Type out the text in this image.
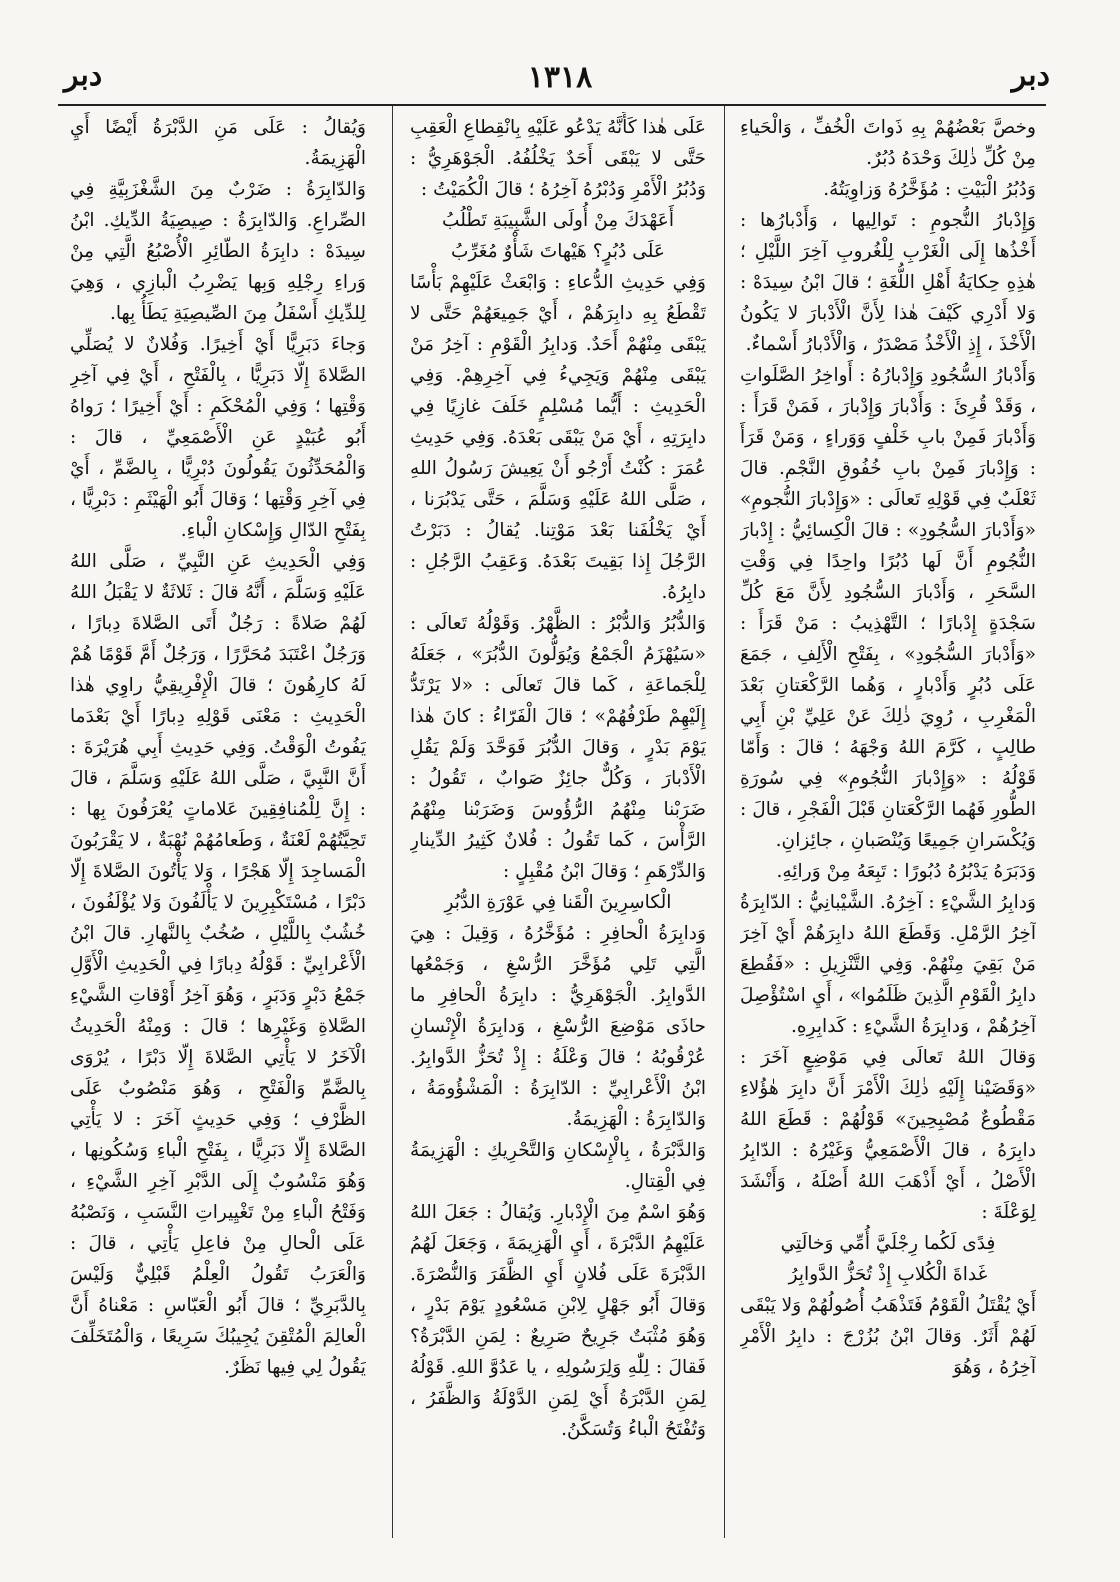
دبر	١٣١٨	دبر

وخصَّ بَعْضُهُمْ بِهِ ذَواتَ الْخُفِّ ، وَالْحَياءِ مِنْ كُلِّ ذٰلِكَ وَحْدَهُ دُبُرٌ.

وَدُبُرُ الْبَيْتِ : مُؤَخَّرُهُ وَزاوِيَتُهُ.

وَإِدْبارُ النُّجومِ : تَوالِيها ، وَأَدْبارُها : أَخْذُها إِلَى الْغَرْبِ لِلْغُروبِ آخِرَ اللَّيْلِ ؛ هٰذِهِ حِكايَةُ أَهْلِ اللُّغَةِ ؛ قالَ ابْنُ سِيدَهْ : وَلا أَدْرِي كَيْفَ هٰذا لِأَنَّ الْأَدْبارَ لا يَكُونُ الْأَخْذَ ، إِذِ الْأَخْذُ مَصْدَرٌ ، وَالْأَدْبارُ أَسْماءٌ.

وَأَدْبارُ السُّجُودِ وَإِدْبارُهُ : أَواخِرُ الصَّلَواتِ ، وَقَدْ قُرِئَ : وَأَدْبارَ وَإِدْبارَ ، فَمَنْ قَرَأَ : وَأَدْبارَ فَمِنْ بابِ خَلْفٍ وَوَراءٍ ، وَمَنْ قَرَأَ : وَإِدْبارَ فَمِنْ بابِ خُفُوقِ النَّجْمِ. قالَ ثَعْلَبٌ فِي قَوْلِهِ تَعالَى : «وَإِدْبارَ النُّجومِ» «وَأَدْبارَ السُّجُودِ» : قالَ الْكِسائِيُّ : إِدْبارَ النُّجُومِ أَنَّ لَها دُبُرًا واحِدًا فِي وَقْتِ السَّحَرِ ، وَأَدْبارَ السُّجُودِ لِأَنَّ مَعَ كُلِّ سَجْدَةٍ إِدْبارًا ؛ التَّهْذِيبُ : مَنْ قَرَأَ : «وَأَدْبارَ السُّجُودِ» ، بِفَتْحِ الْأَلِفِ ، جَمَعَ عَلَى دُبُرٍ وَأَدْبارٍ ، وَهُما الرَّكْعَتانِ بَعْدَ الْمَغْرِبِ ، رُوِيَ ذٰلِكَ عَنْ عَلِيِّ بْنِ أَبِي طالِبٍ ، كَرَّمَ اللهُ وَجْهَهُ ؛ قالَ : وَأَمّا قَوْلُهُ : «وَإِدْبارَ النُّجُومِ» فِي سُورَةِ الطُّورِ فَهُما الرَّكْعَتانِ قَبْلَ الْفَجْرِ ، قالَ : وَيُكْسَرانِ جَمِيعًا وَيُنْصَبانِ ، جائِزانِ.

وَدَبَرَهُ يَدْبُرُهُ دُبُورًا : تَبِعَهُ مِنْ وَرائِهِ.

وَدابِرُ الشَّيْءِ : آخِرُهُ. الشَّيْبانِيُّ : الدّابِرَةُ آخِرُ الرَّمْلِ. وَقَطَعَ اللهُ دابِرَهُمْ أَيْ آخِرَ مَنْ بَقِيَ مِنْهُمْ. وَفِي التَّنْزِيلِ : «فَقُطِعَ دابِرُ الْقَوْمِ الَّذِينَ ظَلَمُوا» ، أَيِ اسْتُؤْصِلَ آخِرُهُمْ ، وَدابِرَةُ الشَّيْءِ : كَدابِرِهِ.

وَقالَ اللهُ تَعالَى فِي مَوْضِعٍ آخَرَ : «وَقَضَيْنا إِلَيْهِ ذٰلِكَ الْأَمْرَ أَنَّ دابِرَ هٰؤُلاءِ مَقْطُوعٌ مُصْبِحِينَ» قَوْلُهُمْ : قَطَعَ اللهُ دابِرَهُ ، قالَ الْأَصْمَعِيُّ وَغَيْرُهُ : الدّابِرُ الْأَصْلُ ، أَيْ أَذْهَبَ اللهُ أَصْلَهُ ، وَأَنْشَدَ لِوَعْلَةَ :

فِدًى لَكُما رِجْلَيَّ أُمِّي وَخالَتِي

غَداةَ الْكُلابِ إِذْ تُحَزُّ الدَّوابِرُ

أَيْ يُقْتَلُ الْقَوْمُ فَتَذْهَبُ أُصُولُهُمْ وَلا يَبْقَى لَهُمْ أَثَرٌ. وَقالَ ابْنُ بُزُرْجَ : دابِرُ الْأَمْرِ آخِرُهُ ، وَهُوَ

عَلَى هٰذا كَأَنَّهُ يَدْعُو عَلَيْهِ بِانْقِطاعِ الْعَقِبِ حَتَّى لا يَبْقَى أَحَدٌ يَخْلُفُهُ. الْجَوْهَرِيُّ : وَدُبُرُ الْأَمْرِ وَدُبْرُهُ آخِرُهُ ؛ قالَ الْكُمَيْتُ :

أَعَهْدَكَ مِنْ أُولَى الشَّبِيبَةِ تَطْلُبُ

عَلَى دُبُرٍ؟ هَيْهاتَ شَأْوٌ مُغَرِّبُ

وَفِي حَدِيثِ الدُّعاءِ : وَابْعَثْ عَلَيْهِمْ بَأْسًا تَقْطَعُ بِهِ دابِرَهُمْ ، أَيْ جَمِيعَهُمْ حَتَّى لا يَبْقَى مِنْهُمْ أَحَدٌ. وَدابِرُ الْقَوْمِ : آخِرُ مَنْ يَبْقَى مِنْهُمْ وَيَجِيءُ فِي آخِرِهِمْ. وَفِي الْحَدِيثِ : أَيُّما مُسْلِمٍ خَلَفَ غازِيًا فِي دابِرَتِهِ ، أَيْ مَنْ يَبْقَى بَعْدَهُ. وَفِي حَدِيثِ عُمَرَ : كُنْتُ أَرْجُو أَنْ يَعِيشَ رَسُولُ اللهِ ، صَلَّى اللهُ عَلَيْهِ وَسَلَّمَ ، حَتَّى يَدْبُرَنا ، أَيْ يَخْلُفَنا بَعْدَ مَوْتِنا. يُقالُ : دَبَرْتُ الرَّجُلَ إِذا بَقِيتَ بَعْدَهُ. وَعَقِبُ الرَّجُلِ : دابِرُهُ.

وَالدُّبُرُ وَالدُّبْرُ : الظَّهْرُ. وَقَوْلُهُ تَعالَى : «سَيُهْزَمُ الْجَمْعُ وَيُوَلُّونَ الدُّبُرَ» ، جَعَلَهُ لِلْجَماعَةِ ، كَما قالَ تَعالَى : «لا يَرْتَدُّ إِلَيْهِمْ طَرْفُهُمْ» ؛ قالَ الْفَرّاءُ : كانَ هٰذا يَوْمَ بَدْرٍ ، وَقالَ الدُّبُرَ فَوَحَّدَ وَلَمْ يَقُلِ الْأَدْبارَ ، وَكُلٌّ جائِزٌ صَوابٌ ، تَقُولُ : ضَرَبْنا مِنْهُمُ الرُّؤُوسَ وَضَرَبْنا مِنْهُمُ الرَّأْسَ ، كَما تَقُولُ : فُلانٌ كَثِيرُ الدِّينارِ وَالدِّرْهَمِ ؛ وَقالَ ابْنُ مُقْبِلٍ :

الْكاسِرِينَ الْقَنا فِي عَوْرَةِ الدُّبُرِ

وَدابِرَةُ الْحافِرِ : مُؤَخَّرُهُ ، وَقِيلَ : هِيَ الَّتِي تَلِي مُؤَخَّرَ الرُّسْغِ ، وَجَمْعُها الدَّوابِرُ. الْجَوْهَرِيُّ : دابِرَةُ الْحافِرِ ما حاذَى مَوْضِعَ الرُّسْغِ ، وَدابِرَةُ الْإِنْسانِ عُرْقُوبُهُ ؛ قالَ وَعْلَةُ : إِذْ تُحَزُّ الدَّوابِرُ. ابْنُ الْأَعْرابِيِّ : الدّابِرَةُ : الْمَشْؤُومَةُ ، وَالدّابِرَةُ : الْهَزِيمَةُ.

وَالدَّبْرَةُ ، بِالْإِسْكانِ وَالتَّحْرِيكِ : الْهَزِيمَةُ فِي الْقِتالِ.

وَهُوَ اسْمٌ مِنَ الْإِدْبارِ. وَيُقالُ : جَعَلَ اللهُ عَلَيْهِمُ الدَّبْرَةَ ، أَيِ الْهَزِيمَةَ ، وَجَعَلَ لَهُمُ الدَّبْرَةَ عَلَى فُلانٍ أَيِ الظَّفَرَ وَالنُّصْرَةَ. وَقالَ أَبُو جَهْلٍ لِابْنِ مَسْعُودٍ يَوْمَ بَدْرٍ ، وَهُوَ مُثْبَتٌ جَرِيحٌ صَرِيعٌ : لِمَنِ الدَّبْرَةُ؟ فَقالَ : لِلّٰهِ وَلِرَسُولِهِ ، يا عَدُوَّ اللهِ. قَوْلُهُ لِمَنِ الدَّبْرَةُ أَيْ لِمَنِ الدَّوْلَةُ وَالظَّفَرُ ، وَتُفْتَحُ الْباءُ وَتُسَكَّنُ.

وَيُقالُ : عَلَى مَنِ الدَّبْرَةُ أَيْضًا أَيِ الْهَزِيمَةُ.

وَالدّابِرَةُ : ضَرْبٌ مِنَ الشَّغْزَبِيَّةِ فِي الصِّراعِ. وَالدّابِرَةُ : صِيصِيَةُ الدِّيكِ. ابْنُ سِيدَهْ : دابِرَةُ الطّائِرِ الْأُصْبُعُ الَّتِي مِنْ وَراءِ رِجْلِهِ وَبِها يَضْرِبُ الْبازِي ، وَهِيَ لِلدِّيكِ أَسْفَلُ مِنَ الصِّيصِيَةِ يَطَأُ بِها.

وَجاءَ دَبَرِيًّا أَيْ أَخِيرًا. وَفُلانٌ لا يُصَلِّي الصَّلاةَ إِلّا دَبَرِيًّا ، بِالْفَتْحِ ، أَيْ فِي آخِرِ وَقْتِها ؛ وَفِي الْمُحْكَمِ : أَيْ أَخِيرًا ؛ رَواهُ أَبُو عُبَيْدٍ عَنِ الْأَصْمَعِيِّ ، قالَ : وَالْمُحَدِّثُونَ يَقُولُونَ دُبْرِيًّا ، بِالضَّمِّ ، أَيْ فِي آخِرِ وَقْتِها ؛ وَقالَ أَبُو الْهَيْثَمِ : دَبْرِيًّا ، بِفَتْحِ الدّالِ وَإِسْكانِ الْباءِ.

وَفِي الْحَدِيثِ عَنِ النَّبِيِّ ، صَلَّى اللهُ عَلَيْهِ وَسَلَّمَ ، أَنَّهُ قالَ : ثَلاثَةٌ لا يَقْبَلُ اللهُ لَهُمْ صَلاةً : رَجُلٌ أَتَى الصَّلاةَ دِبارًا ، وَرَجُلٌ اعْتَبَدَ مُحَرَّرًا ، وَرَجُلٌ أَمَّ قَوْمًا هُمْ لَهُ كارِهُونَ ؛ قالَ الْإِفْرِيقِيُّ راوِي هٰذا الْحَدِيثِ : مَعْنَى قَوْلِهِ دِبارًا أَيْ بَعْدَما يَفُوتُ الْوَقْتُ. وَفِي حَدِيثِ أَبِي هُرَيْرَةَ : أَنَّ النَّبِيَّ ، صَلَّى اللهُ عَلَيْهِ وَسَلَّمَ ، قالَ : إِنَّ لِلْمُنافِقِينَ عَلاماتٍ يُعْرَفُونَ بِها : تَحِيَّتُهُمْ لَعْنَةٌ ، وَطَعامُهُمْ نُهْبَةٌ ، لا يَقْرَبُونَ الْمَساجِدَ إِلّا هَجْرًا ، وَلا يَأْتُونَ الصَّلاةَ إِلّا دَبْرًا ، مُسْتَكْبِرِينَ لا يَأْلَفُونَ وَلا يُؤْلَفُونَ ، خُشُبٌ بِاللَّيْلِ ، صُخُبٌ بِالنَّهارِ. قالَ ابْنُ الْأَعْرابِيِّ : قَوْلُهُ دِبارًا فِي الْحَدِيثِ الْأَوَّلِ جَمْعُ دَبْرٍ وَدَبَرٍ ، وَهُوَ آخِرُ أَوْقاتِ الشَّيْءِ الصَّلاةِ وَغَيْرِها ؛ قالَ : وَمِنْهُ الْحَدِيثُ الْآخَرُ لا يَأْتِي الصَّلاةَ إِلّا دَبْرًا ، يُرْوَى بِالضَّمِّ وَالْفَتْحِ ، وَهُوَ مَنْصُوبٌ عَلَى الظَّرْفِ ؛ وَفِي حَدِيثٍ آخَرَ : لا يَأْتِي الصَّلاةَ إِلّا دَبَرِيًّا ، بِفَتْحِ الْباءِ وَسُكُونِها ، وَهُوَ مَنْسُوبٌ إِلَى الدَّبْرِ آخِرِ الشَّيْءِ ، وَفَتْحُ الْباءِ مِنْ تَغْيِيراتِ النَّسَبِ ، وَنَصْبُهُ عَلَى الْحالِ مِنْ فاعِلِ يَأْتِي ، قالَ : وَالْعَرَبُ تَقُولُ الْعِلْمُ قَبْلِيٌّ وَلَيْسَ بِالدَّبَرِيِّ ؛ قالَ أَبُو الْعَبّاسِ : مَعْناهُ أَنَّ الْعالِمَ الْمُتْقِنَ يُجِيبُكَ سَرِيعًا ، وَالْمُتَخَلِّفَ يَقُولُ لِي فِيها نَظَرٌ.
